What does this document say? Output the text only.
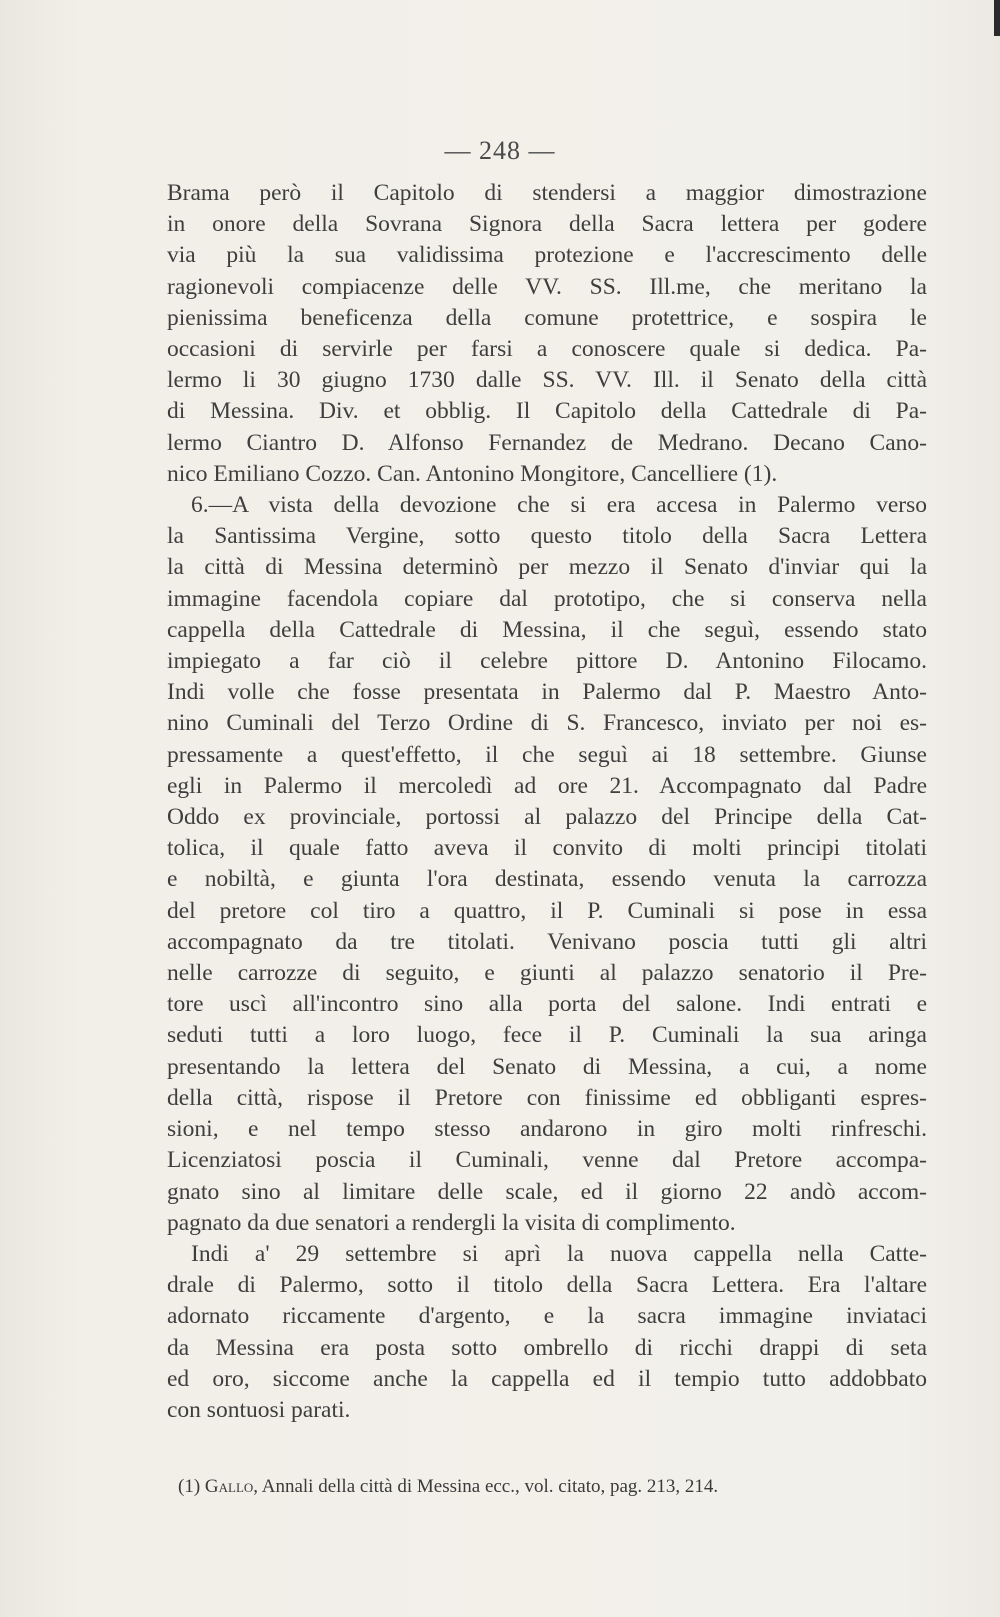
— 248 —

Brama però il Capitolo di stendersi a maggior dimostrazione

in onore della Sovrana Signora della Sacra lettera per godere

via più la sua validissima protezione e l'accrescimento delle

ragionevoli compiacenze delle VV. SS. Ill.me, che meritano la

pienissima beneficenza della comune protettrice, e sospira le

occasioni di servirle per farsi a conoscere quale si dedica. Pa-

lermo li 30 giugno 1730 dalle SS. VV. Ill. il Senato della città

di Messina. Div. et obblig. Il Capitolo della Cattedrale di Pa-

lermo Ciantro D. Alfonso Fernandez de Medrano. Decano Cano-

nico Emiliano Cozzo. Can. Antonino Mongitore, Cancelliere (1).

6.—A vista della devozione che si era accesa in Palermo verso

la Santissima Vergine, sotto questo titolo della Sacra Lettera

la città di Messina determinò per mezzo il Senato d'inviar qui la

immagine facendola copiare dal prototipo, che si conserva nella

cappella della Cattedrale di Messina, il che seguì, essendo stato

impiegato a far ciò il celebre pittore D. Antonino Filocamo.

Indi volle che fosse presentata in Palermo dal P. Maestro Anto-

nino Cuminali del Terzo Ordine di S. Francesco, inviato per noi es-

pressamente a quest'effetto, il che seguì ai 18 settembre. Giunse

egli in Palermo il mercoledì ad ore 21. Accompagnato dal Padre

Oddo ex provinciale, portossi al palazzo del Principe della Cat-

tolica, il quale fatto aveva il convito di molti principi titolati

e nobiltà, e giunta l'ora destinata, essendo venuta la carrozza

del pretore col tiro a quattro, il P. Cuminali si pose in essa

accompagnato da tre titolati. Venivano poscia tutti gli altri

nelle carrozze di seguito, e giunti al palazzo senatorio il Pre-

tore uscì all'incontro sino alla porta del salone. Indi entrati e

seduti tutti a loro luogo, fece il P. Cuminali la sua aringa

presentando la lettera del Senato di Messina, a cui, a nome

della città, rispose il Pretore con finissime ed obbliganti espres-

sioni, e nel tempo stesso andarono in giro molti rinfreschi.

Licenziatosi poscia il Cuminali, venne dal Pretore accompa-

gnato sino al limitare delle scale, ed il giorno 22 andò accom-

pagnato da due senatori a rendergli la visita di complimento.

Indi a' 29 settembre si aprì la nuova cappella nella Catte-

drale di Palermo, sotto il titolo della Sacra Lettera. Era l'altare

adornato riccamente d'argento, e la sacra immagine inviataci

da Messina era posta sotto ombrello di ricchi drappi di seta

ed oro, siccome anche la cappella ed il tempio tutto addobbato

con sontuosi parati.

(1) Gallo, Annali della città di Messina ecc., vol. citato, pag. 213, 214.
